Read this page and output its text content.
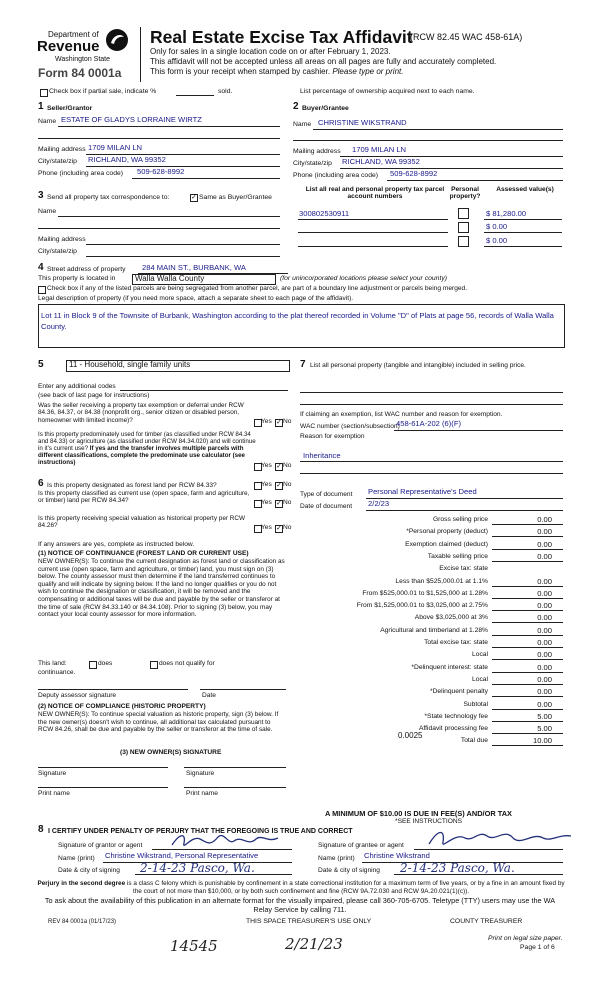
Department of
Revenue
Washington State
Form 84 0001a
Real Estate Excise Tax Affidavit
(RCW 82.45 WAC 458-61A)
Only for sales in a single location code on or after February 1, 2023.
This affidavit will not be accepted unless all areas on all pages are fully and accurately completed.
This form is your receipt when stamped by cashier. Please type or print.
Check box if partial sale, indicate %	sold.	List percentage of ownership acquired next to each name.
1 Seller/Grantor
Name ESTATE OF GLADYS LORRAINE WIRTZ
Mailing address 1709 MILAN LN
City/state/zip RICHLAND, WA 99352
Phone (including area code) 509-628-8992
2 Buyer/Grantee
Name CHRISTINE WIKSTRAND
Mailing address 1709 MILAN LN
City/state/zip RICHLAND, WA 99352
Phone (including area code) 509-628-8992
3 Send all property tax correspondence to:	✓ Same as Buyer/Grantee
Name
Mailing address
City/state/zip
List all real and personal property tax parcel account numbers
Personal property?
Assessed value(s)
300802530911	$ 81,280.00
$ 0.00
$ 0.00
4 Street address of property 284 MAIN ST., BURBANK, WA
This property is located in Walla Walla County	(for unincorporated locations please select your county)
Check box if any of the listed parcels are being segregated from another parcel, are part of a boundary line adjustment or parcels being merged.
Legal description of property (if you need more space, attach a separate sheet to each page of the affidavit).
Lot 11 in Block 9 of the Townsite of Burbank, Washington according to the plat thereof recorded in Volume "D" of Plats at page 56, records of Walla Walla County.
5	11 - Household, single family units
Enter any additional codes
(see back of last page for instructions)
Was the seller receiving a property tax exemption or deferral under RCW 84.36, 84.37, or 84.38 (nonprofit org., senior citizen or disabled person, homeowner with limited income)?	Yes ✓ No
Is this property predominately used for timber (as classified under RCW 84.34 and 84.33) or agriculture (as classified under RCW 84.34.020) and will continue in it's current use? If yes and the transfer involves multiple parcels with different classifications, complete the predominate use calculator (see instructions)	Yes ✓ No
6 Is this property designated as forest land per RCW 84.33?	Yes ✓ No
Is this property classified as current use (open space, farm and agriculture, or timber) land per RCW 84.34?	Yes ✓ No
Is this property receiving special valuation as historical property per RCW 84.26?	Yes ✓ No
If any answers are yes, complete as instructed below.
(1) NOTICE OF CONTINUANCE (FOREST LAND OR CURRENT USE)
NEW OWNER(S): To continue the current designation as forest land or classification as current use (open space, farm and agriculture, or timber) land, you must sign on (3) below. The county assessor must then determine if the land transferred continues to qualify and will indicate by signing below. If the land no longer qualifies or you do not wish to continue the designation or classification, it will be removed and the compensating or additional taxes will be due and payable by the seller or transferor at the time of sale (RCW 84.33.140 or 84.34.108). Prior to signing (3) below, you may contact your local county assessor for more information.
This land:	does	does not qualify for
continuance.
Deputy assessor signature	Date
(2) NOTICE OF COMPLIANCE (HISTORIC PROPERTY)
NEW OWNER(S): To continue special valuation as historic property, sign (3) below. If the new owner(s) doesn't wish to continue, all additional tax calculated pursuant to RCW 84.26, shall be due and payable by the seller or transferor at the time of sale.
(3) NEW OWNER(S) SIGNATURE
Signature	Signature
Print name	Print name
7 List all personal property (tangible and intangible) included in selling price.
If claiming an exemption, list WAC number and reason for exemption.
WAC number (section/subsection)
458-61A-202 (6)(F)
Reason for exemption
Inheritance
Type of document Personal Representative's Deed
Date of document 2/2/23
Gross selling price	0.00
*Personal property (deduct)	0.00
Exemption claimed (deduct)	0.00
Taxable selling price	0.00
Excise tax: state
Less than $525,000.01 at 1.1%	0.00
From $525,000.01 to $1,525,000 at 1.28%	0.00
From $1,525,000.01 to $3,025,000 at 2.75%	0.00
Above $3,025,000 at 3%	0.00
Agricultural and timberland at 1.28%	0.00
Total excise tax: state	0.00
Local	0.00
*Delinquent interest: state	0.00
Local	0.00
*Delinquent penalty	0.00
Subtotal	0.00
*State technology fee	5.00
Affidavit processing fee	5.00
Total due	10.00
0.0025
A MINIMUM OF $10.00 IS DUE IN FEE(S) AND/OR TAX
*SEE INSTRUCTIONS
8 I CERTIFY UNDER PENALTY OF PERJURY THAT THE FOREGOING IS TRUE AND CORRECT
Signature of grantor or agent
Name (print) Christine Wikstrand, Personal Representative
Date & city of signing 2-14-23 Pasco, Wa.
Signature of grantee or agent
Name (print) Christine Wikstrand
Date & city of signing 2-14-23 Pasco, Wa.
Perjury in the second degree is a class C felony which is punishable by confinement in a state correctional institution for a maximum term of five years, or by a fine in an amount fixed by the court of not more than $10,000, or by both such confinement and fine (RCW 9A.72.030 and RCW 9A.20.021(1)(c)).
To ask about the availability of this publication in an alternate format for the visually impaired, please call 360-705-6705. Teletype (TTY) users may use the WA Relay Service by calling 711.
REV 84 0001a (01/17/23)	THIS SPACE TREASURER'S USE ONLY	COUNTY TREASURER
14545	2/21/23	Print on legal size paper.
Page 1 of 6
